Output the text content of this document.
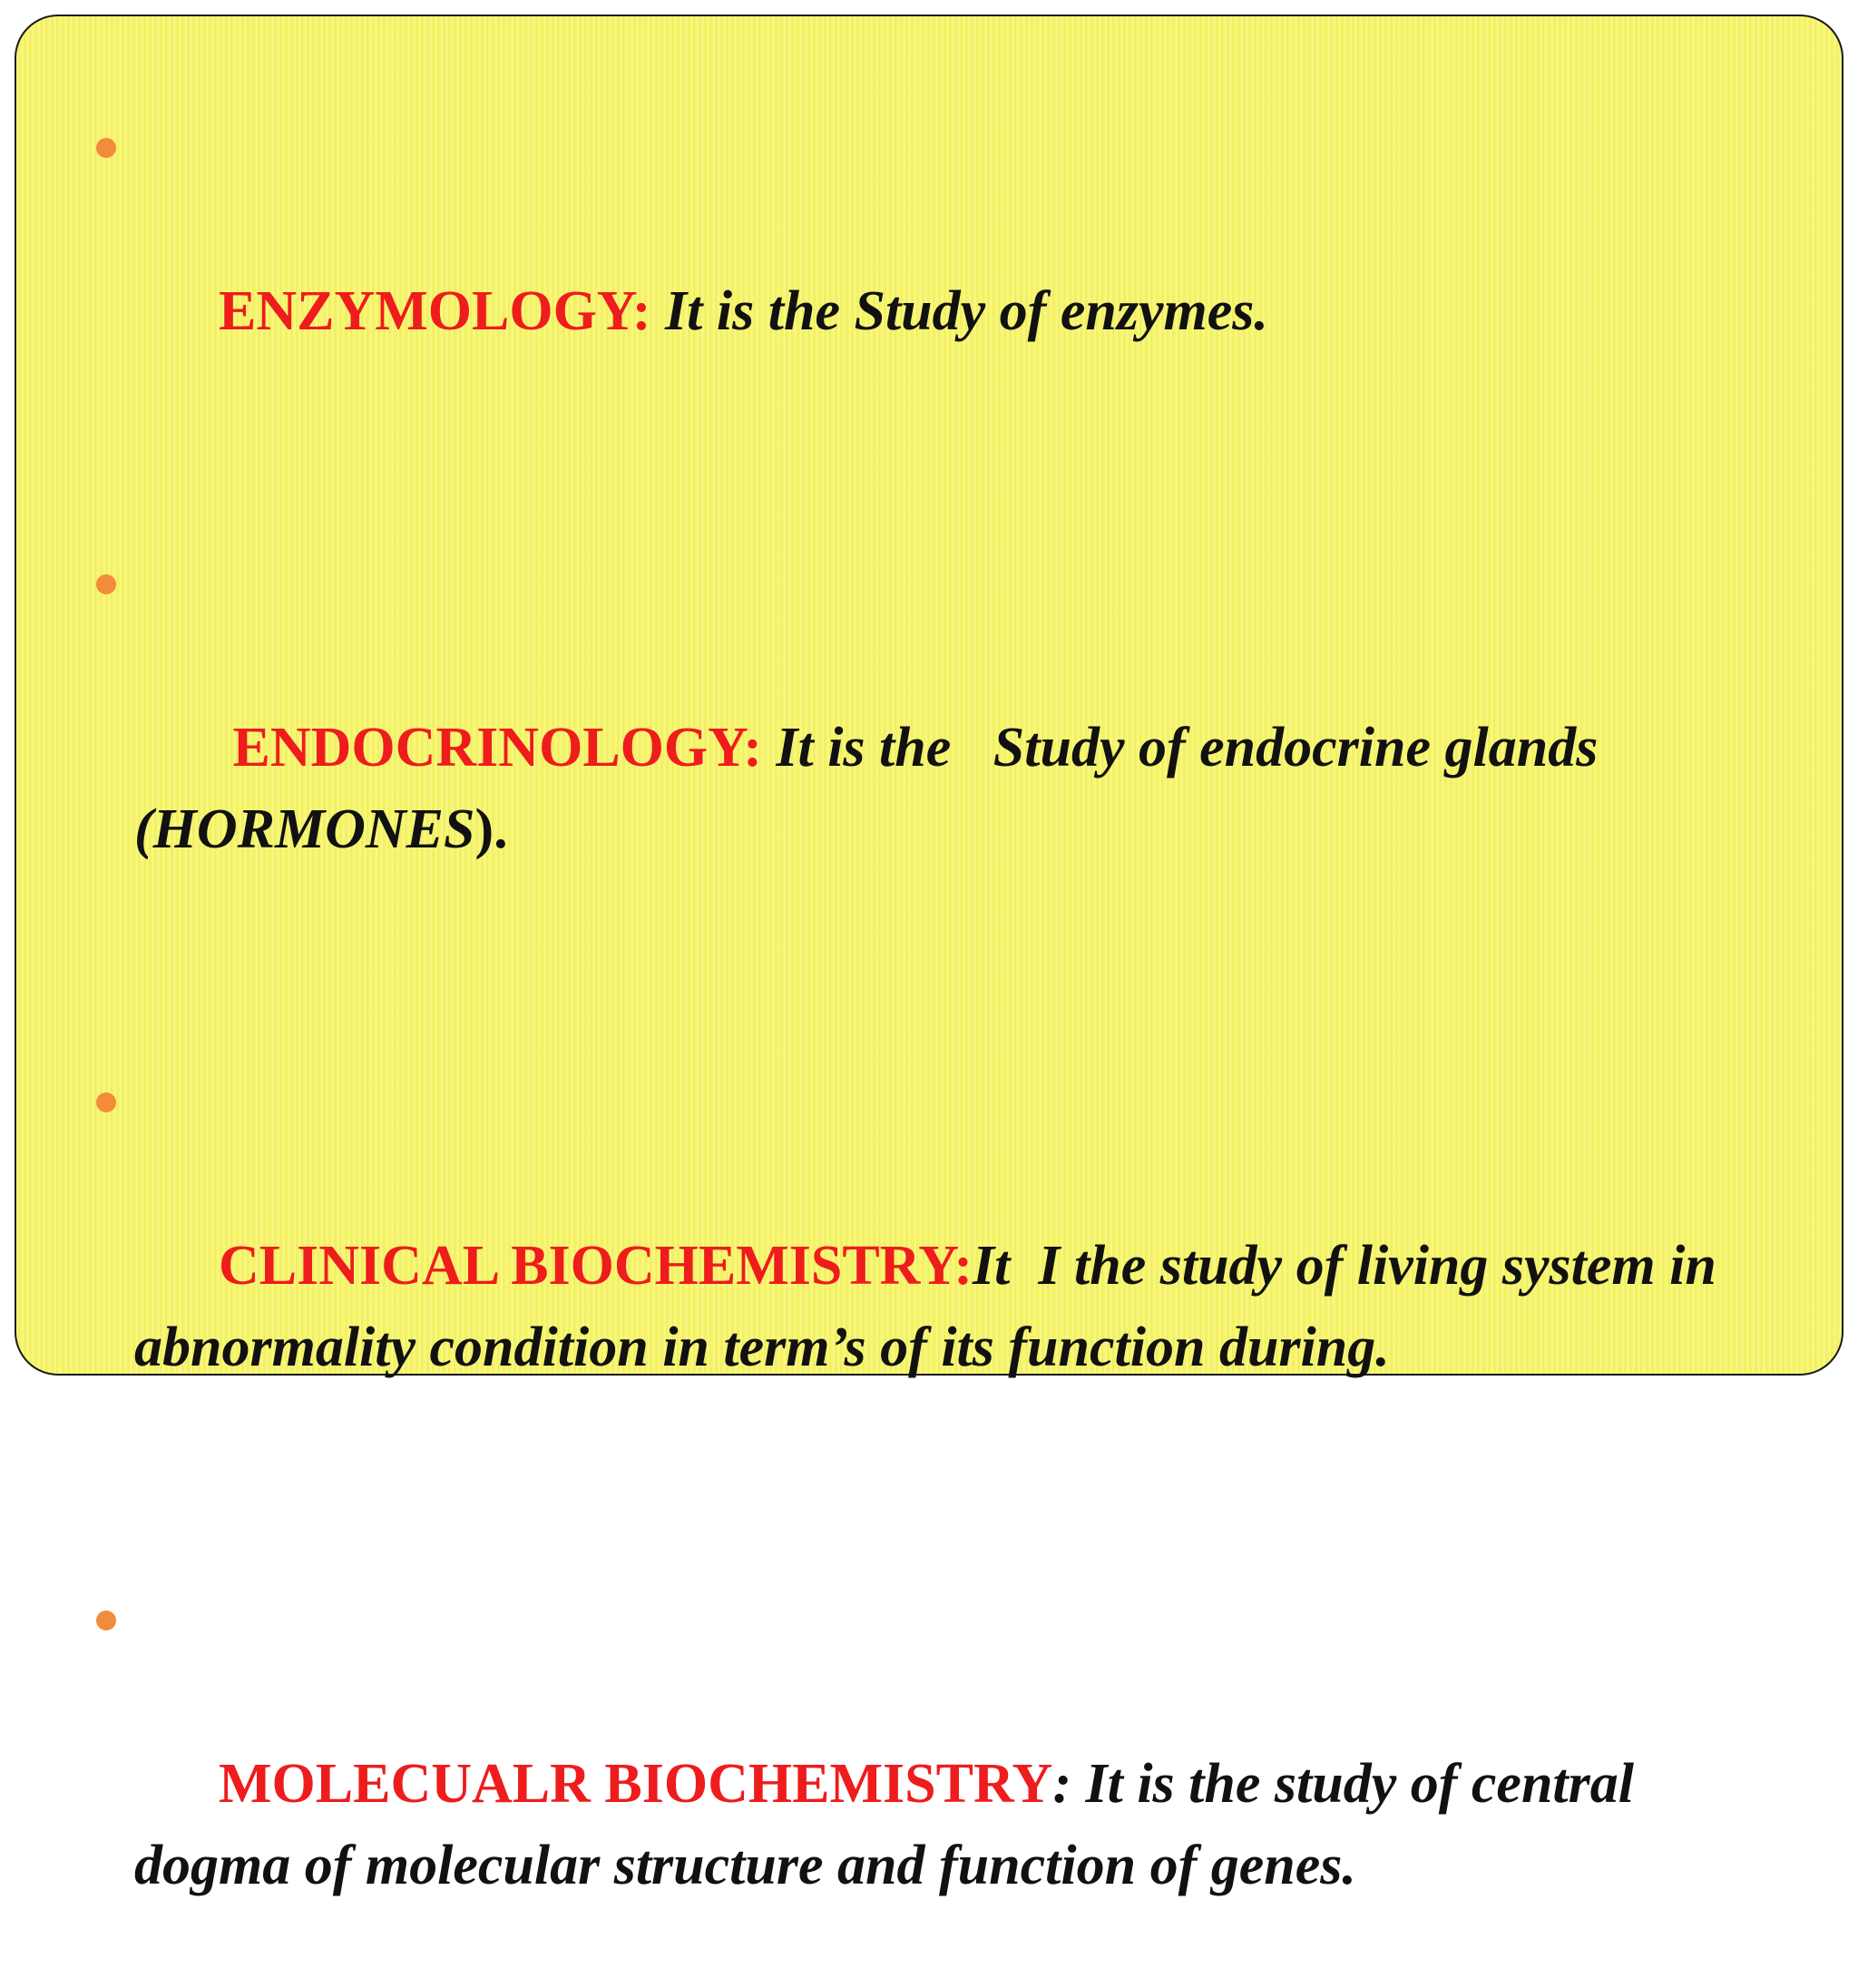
ENZYMOLOGY: It is the Study of enzymes.

ENDOCRINOLOGY: It is the   Study of endocrine glands (HORMONES).

CLINICAL BIOCHEMISTRY:It  I the study of living system in abnormality condition in term’s of its function during.

MOLECUALR BIOCHEMISTRY: It is the study of central dogma of molecular structure and function of genes.
